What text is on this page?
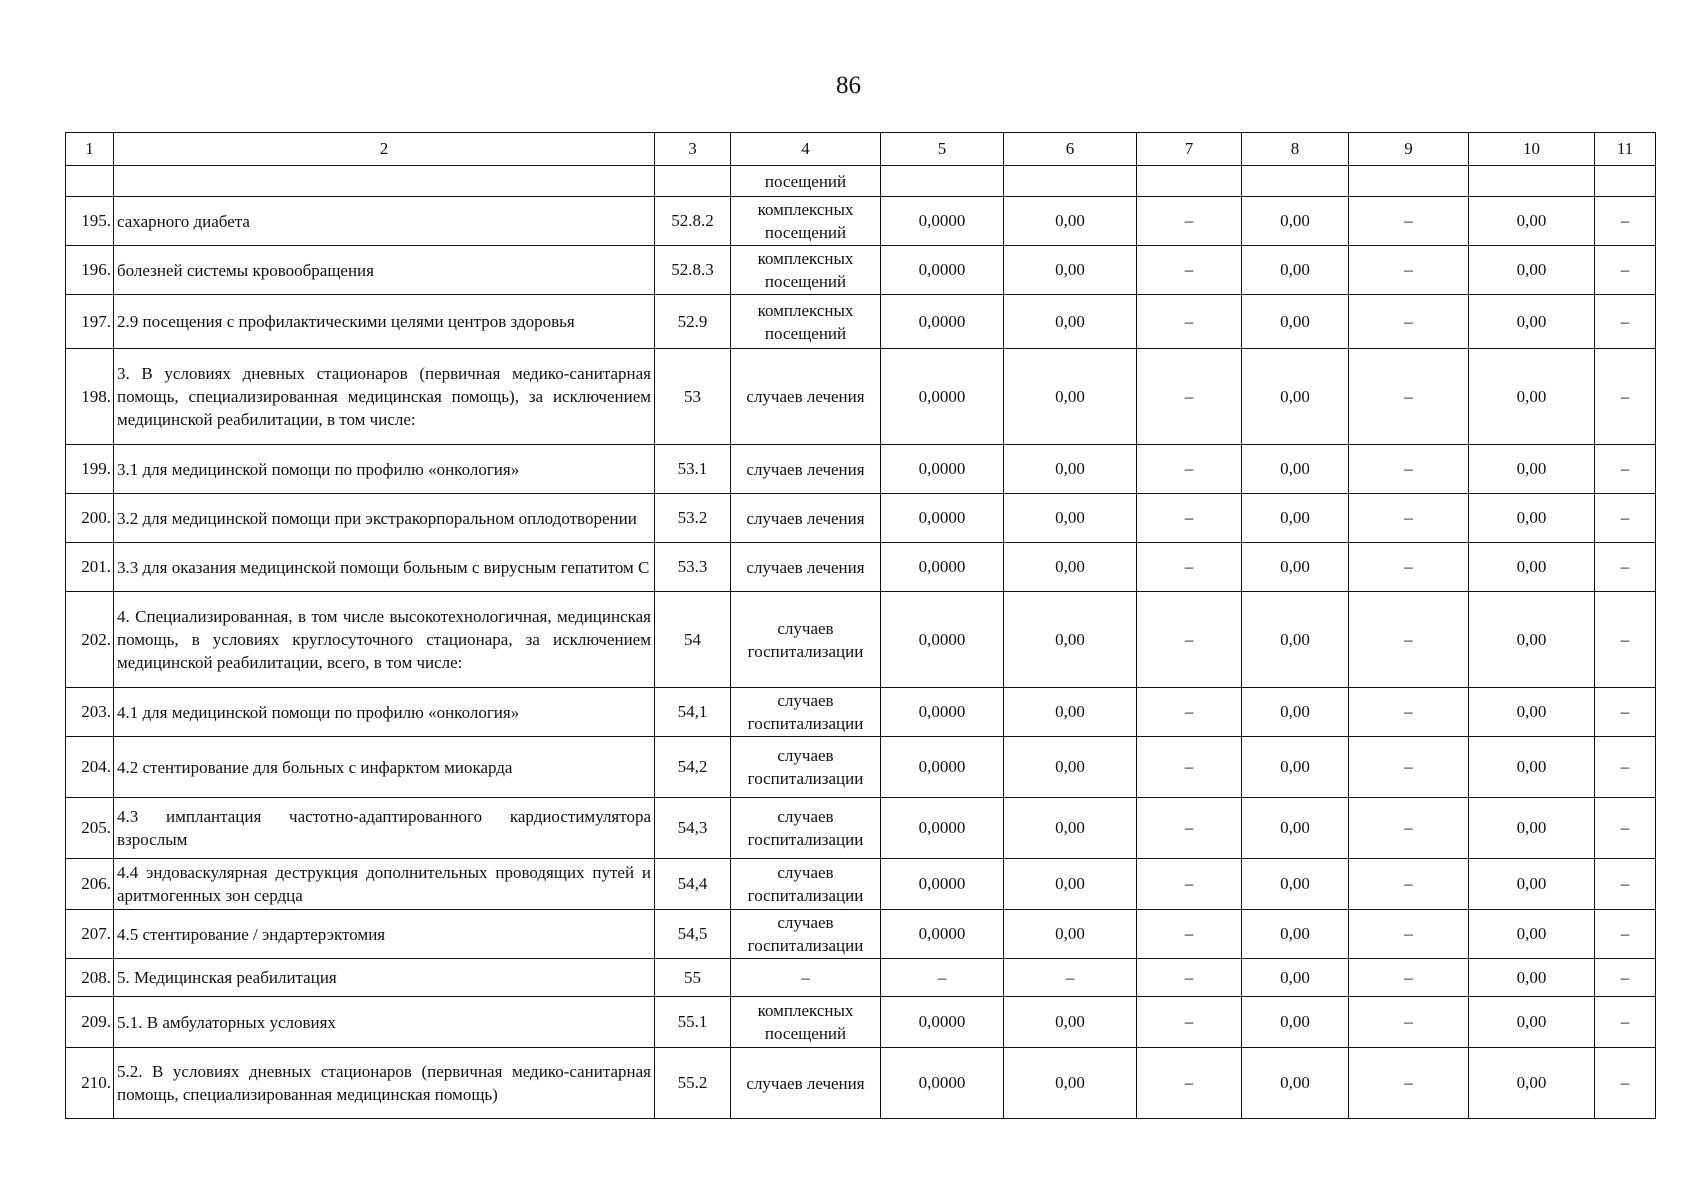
86
1	2	3	4	5	6	7	8	9	10	11
			посещений							
195.	сахарного диабета	52.8.2	комплексных посещений	0,0000	0,00	–	0,00	–	0,00	–
196.	болезней системы кровообращения	52.8.3	комплексных посещений	0,0000	0,00	–	0,00	–	0,00	–
197.	2.9 посещения с профилактическими целями центров здоровья	52.9	комплексных посещений	0,0000	0,00	–	0,00	–	0,00	–
198.	3. В условиях дневных стационаров (первичная медико-санитарная помощь, специализированная медицинская помощь), за исключением медицинской реабилитации, в том числе:	53	случаев лечения	0,0000	0,00	–	0,00	–	0,00	–
199.	3.1 для медицинской помощи по профилю «онкология»	53.1	случаев лечения	0,0000	0,00	–	0,00	–	0,00	–
200.	3.2 для медицинской помощи при экстракорпоральном оплодотворении	53.2	случаев лечения	0,0000	0,00	–	0,00	–	0,00	–
201.	3.3 для оказания медицинской помощи больным с вирусным гепатитом С	53.3	случаев лечения	0,0000	0,00	–	0,00	–	0,00	–
202.	4. Специализированная, в том числе высокотехнологичная, медицинская помощь, в условиях круглосуточного стационара, за исключением медицинской реабилитации, всего, в том числе:	54	случаев госпитализации	0,0000	0,00	–	0,00	–	0,00	–
203.	4.1 для медицинской помощи по профилю «онкология»	54,1	случаев госпитализации	0,0000	0,00	–	0,00	–	0,00	–
204.	4.2 стентирование для больных с инфарктом миокарда	54,2	случаев госпитализации	0,0000	0,00	–	0,00	–	0,00	–
205.	4.3 имплантация частотно-адаптированного кардиостимулятора взрослым	54,3	случаев госпитализации	0,0000	0,00	–	0,00	–	0,00	–
206.	4.4 эндоваскулярная деструкция дополнительных проводящих путей и аритмогенных зон сердца	54,4	случаев госпитализации	0,0000	0,00	–	0,00	–	0,00	–
207.	4.5 стентирование / эндартерэктомия	54,5	случаев госпитализации	0,0000	0,00	–	0,00	–	0,00	–
208.	5. Медицинская реабилитация	55	–	–	–	–	0,00	–	0,00	–
209.	5.1. В амбулаторных условиях	55.1	комплексных посещений	0,0000	0,00	–	0,00	–	0,00	–
210.	5.2. В условиях дневных стационаров (первичная медико-санитарная помощь, специализированная медицинская помощь)	55.2	случаев лечения	0,0000	0,00	–	0,00	–	0,00	–
